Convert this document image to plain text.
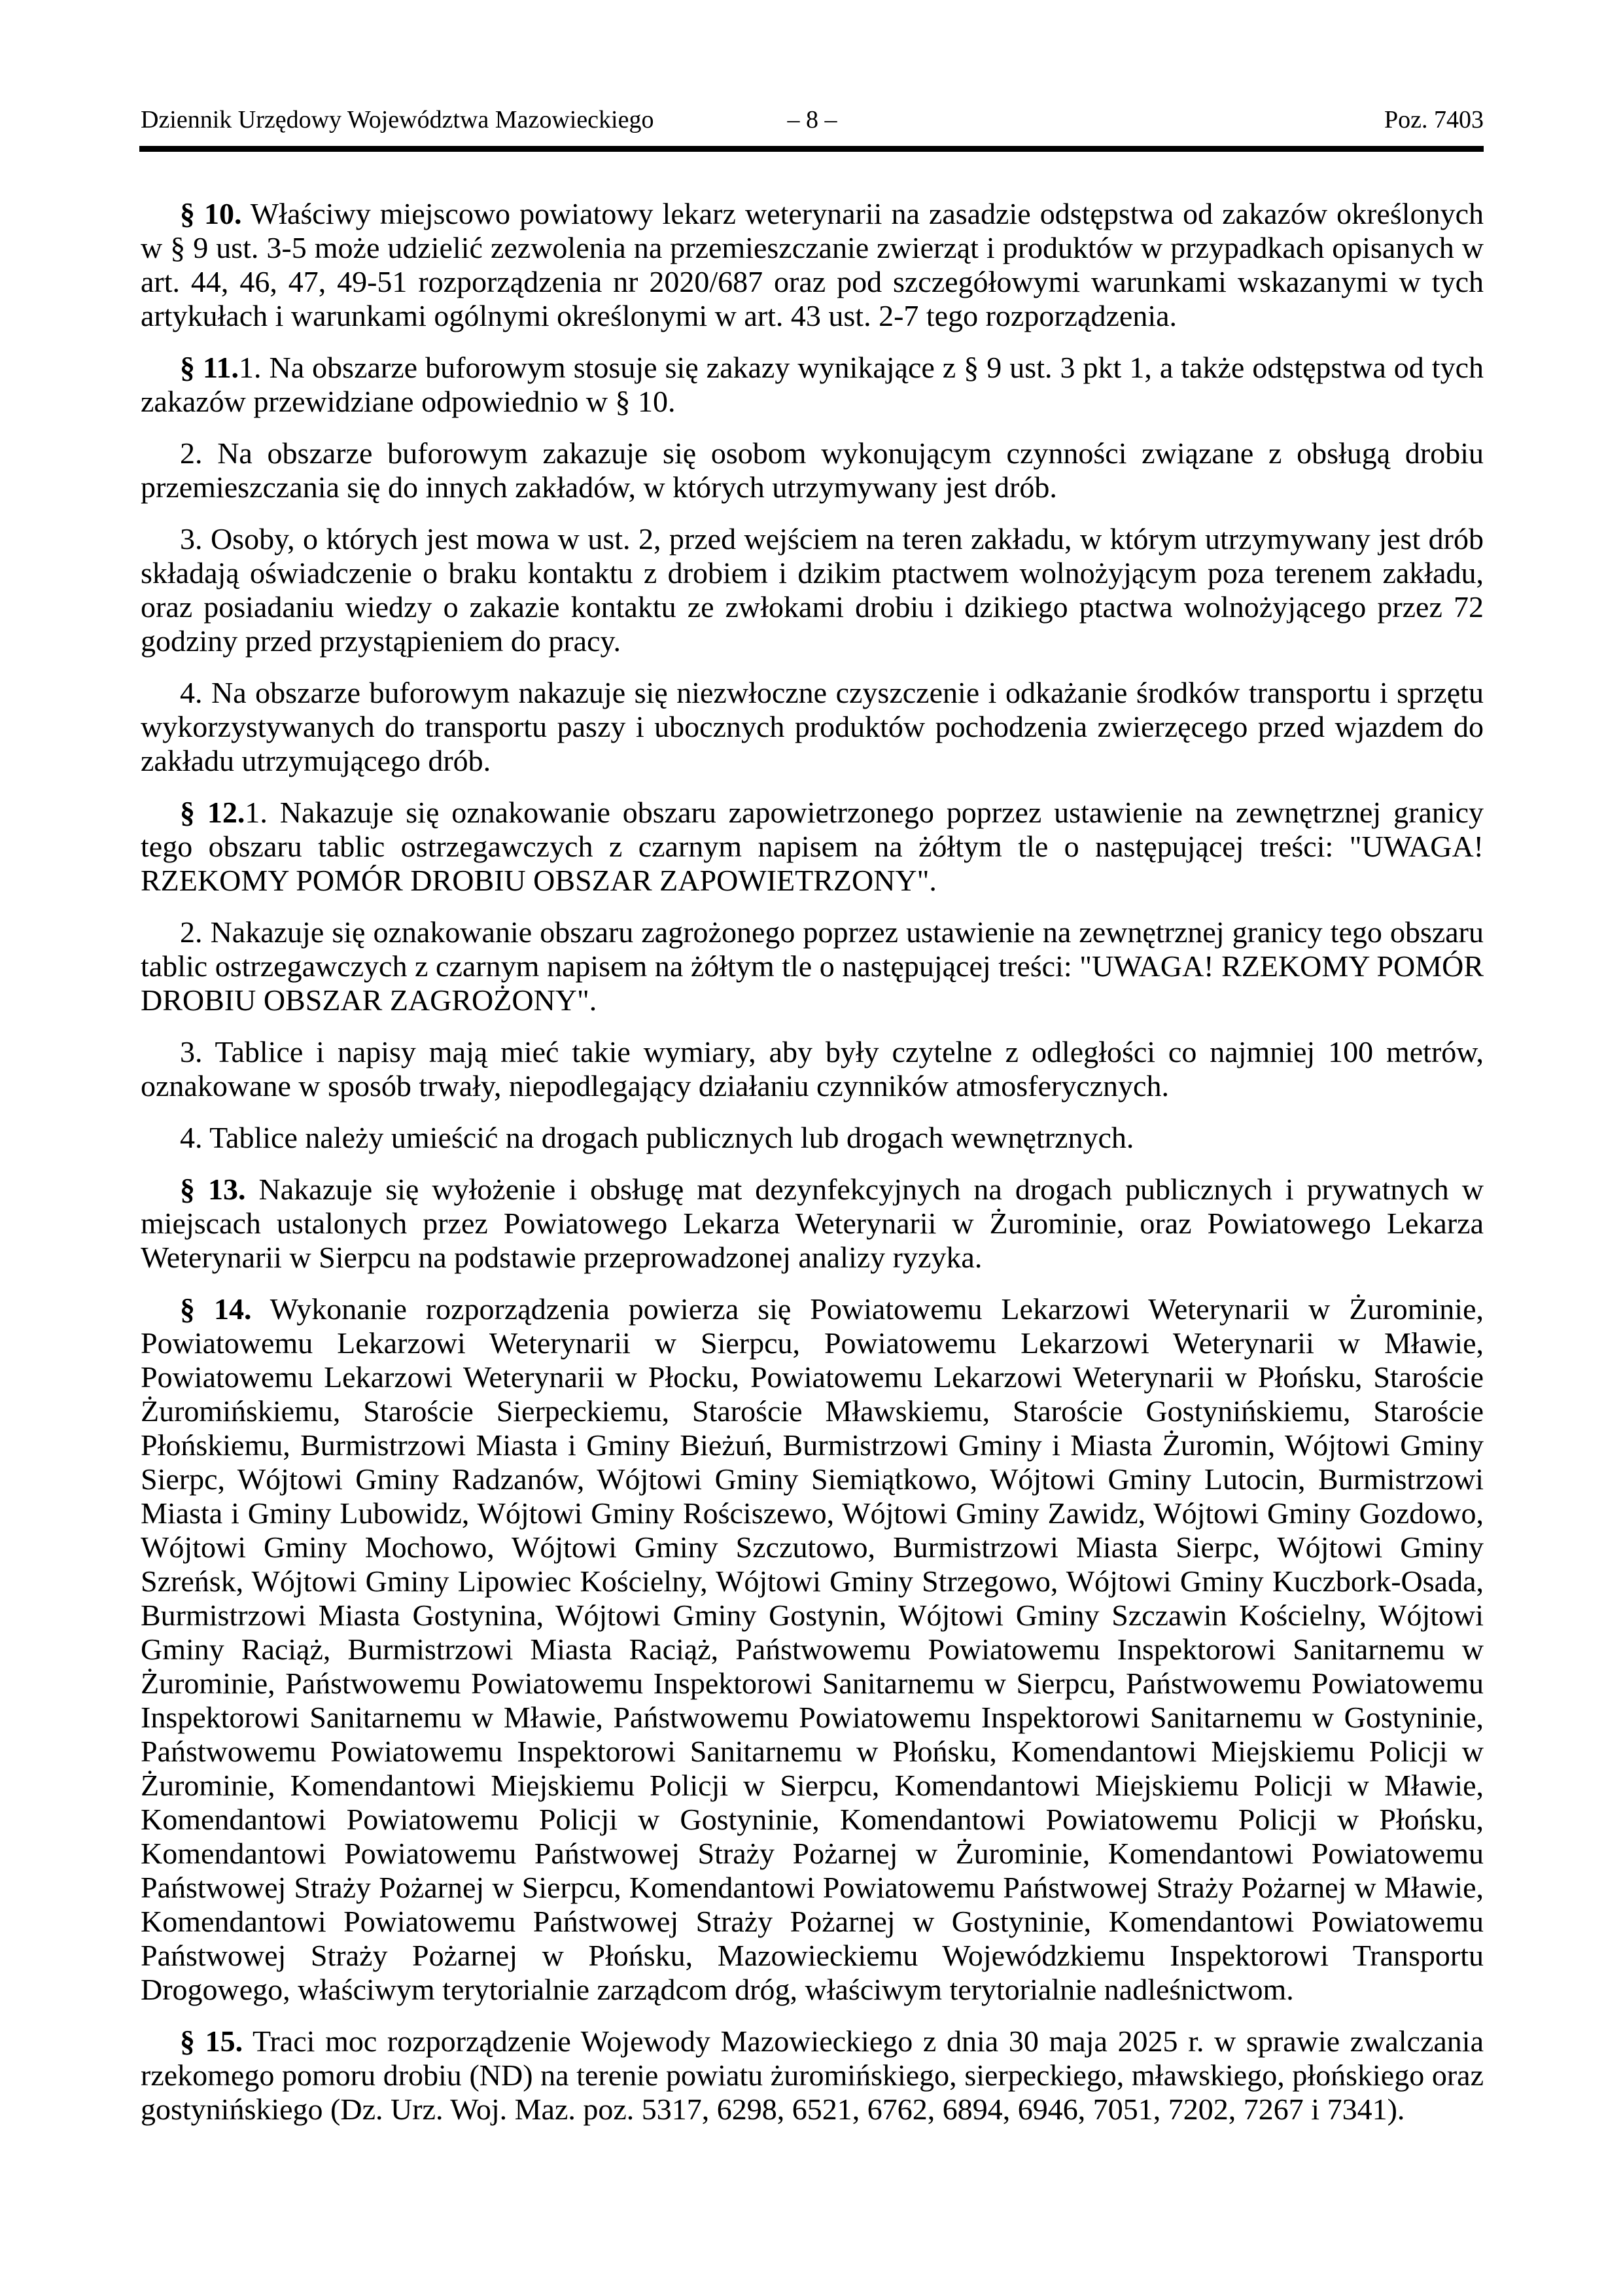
Dziennik Urzędowy Województwa Mazowieckiego	– 8 –	Poz. 7403

§ 10. Właściwy miejscowo powiatowy lekarz weterynarii na zasadzie odstępstwa od zakazów określonych w § 9 ust. 3-5 może udzielić zezwolenia na przemieszczanie zwierząt i produktów w przypadkach opisanych w art. 44, 46, 47, 49-51 rozporządzenia nr 2020/687 oraz pod szczegółowymi warunkami wskazanymi w tych artykułach i warunkami ogólnymi określonymi w art. 43 ust. 2-7 tego rozporządzenia.

§ 11.1. Na obszarze buforowym stosuje się zakazy wynikające z § 9 ust. 3 pkt 1, a także odstępstwa od tych zakazów przewidziane odpowiednio w § 10.

2. Na obszarze buforowym zakazuje się osobom wykonującym czynności związane z obsługą drobiu przemieszczania się do innych zakładów, w których utrzymywany jest drób.

3. Osoby, o których jest mowa w ust. 2, przed wejściem na teren zakładu, w którym utrzymywany jest drób składają oświadczenie o braku kontaktu z drobiem i dzikim ptactwem wolnożyjącym poza terenem zakładu, oraz posiadaniu wiedzy o zakazie kontaktu ze zwłokami drobiu i dzikiego ptactwa wolnożyjącego przez 72 godziny przed przystąpieniem do pracy.

4. Na obszarze buforowym nakazuje się niezwłoczne czyszczenie i odkażanie środków transportu i sprzętu wykorzystywanych do transportu paszy i ubocznych produktów pochodzenia zwierzęcego przed wjazdem do zakładu utrzymującego drób.

§ 12.1. Nakazuje się oznakowanie obszaru zapowietrzonego poprzez ustawienie na zewnętrznej granicy tego obszaru tablic ostrzegawczych z czarnym napisem na żółtym tle o następującej treści: "UWAGA! RZEKOMY POMÓR DROBIU OBSZAR ZAPOWIETRZONY".

2. Nakazuje się oznakowanie obszaru zagrożonego poprzez ustawienie na zewnętrznej granicy tego obszaru tablic ostrzegawczych z czarnym napisem na żółtym tle o następującej treści: "UWAGA! RZEKOMY POMÓR DROBIU OBSZAR ZAGROŻONY".

3. Tablice i napisy mają mieć takie wymiary, aby były czytelne z odległości co najmniej 100 metrów, oznakowane w sposób trwały, niepodlegający działaniu czynników atmosferycznych.

4. Tablice należy umieścić na drogach publicznych lub drogach wewnętrznych.

§ 13. Nakazuje się wyłożenie i obsługę mat dezynfekcyjnych na drogach publicznych i prywatnych w miejscach ustalonych przez Powiatowego Lekarza Weterynarii w Żurominie, oraz Powiatowego Lekarza Weterynarii w Sierpcu na podstawie przeprowadzonej analizy ryzyka.

§ 14. Wykonanie rozporządzenia powierza się Powiatowemu Lekarzowi Weterynarii w Żurominie, Powiatowemu Lekarzowi Weterynarii w Sierpcu, Powiatowemu Lekarzowi Weterynarii w Mławie, Powiatowemu Lekarzowi Weterynarii w Płocku, Powiatowemu Lekarzowi Weterynarii w Płońsku, Staroście Żuromińskiemu, Staroście Sierpeckiemu, Staroście Mławskiemu, Staroście Gostynińskiemu, Staroście Płońskiemu, Burmistrzowi Miasta i Gminy Bieżuń, Burmistrzowi Gminy i Miasta Żuromin, Wójtowi Gminy Sierpc, Wójtowi Gminy Radzanów, Wójtowi Gminy Siemiątkowo, Wójtowi Gminy Lutocin, Burmistrzowi Miasta i Gminy Lubowidz, Wójtowi Gminy Rościszewo, Wójtowi Gminy Zawidz, Wójtowi Gminy Gozdowo, Wójtowi Gminy Mochowo, Wójtowi Gminy Szczutowo, Burmistrzowi Miasta Sierpc, Wójtowi Gminy Szreńsk, Wójtowi Gminy Lipowiec Kościelny, Wójtowi Gminy Strzegowo, Wójtowi Gminy Kuczbork-Osada, Burmistrzowi Miasta Gostynina, Wójtowi Gminy Gostynin, Wójtowi Gminy Szczawin Kościelny, Wójtowi Gminy Raciąż, Burmistrzowi Miasta Raciąż, Państwowemu Powiatowemu Inspektorowi Sanitarnemu w Żurominie, Państwowemu Powiatowemu Inspektorowi Sanitarnemu w Sierpcu, Państwowemu Powiatowemu Inspektorowi Sanitarnemu w Mławie, Państwowemu Powiatowemu Inspektorowi Sanitarnemu w Gostyninie, Państwowemu Powiatowemu Inspektorowi Sanitarnemu w Płońsku, Komendantowi Miejskiemu Policji w Żurominie, Komendantowi Miejskiemu Policji w Sierpcu, Komendantowi Miejskiemu Policji w Mławie, Komendantowi Powiatowemu Policji w Gostyninie, Komendantowi Powiatowemu Policji w Płońsku, Komendantowi Powiatowemu Państwowej Straży Pożarnej w Żurominie, Komendantowi Powiatowemu Państwowej Straży Pożarnej w Sierpcu, Komendantowi Powiatowemu Państwowej Straży Pożarnej w Mławie, Komendantowi Powiatowemu Państwowej Straży Pożarnej w Gostyninie, Komendantowi Powiatowemu Państwowej Straży Pożarnej w Płońsku, Mazowieckiemu Wojewódzkiemu Inspektorowi Transportu Drogowego, właściwym terytorialnie zarządcom dróg, właściwym terytorialnie nadleśnictwom.

§ 15. Traci moc rozporządzenie Wojewody Mazowieckiego z dnia 30 maja 2025 r. w sprawie zwalczania rzekomego pomoru drobiu (ND) na terenie powiatu żuromińskiego, sierpeckiego, mławskiego, płońskiego oraz gostynińskiego (Dz. Urz. Woj. Maz. poz. 5317, 6298, 6521, 6762, 6894, 6946, 7051, 7202, 7267 i 7341).
